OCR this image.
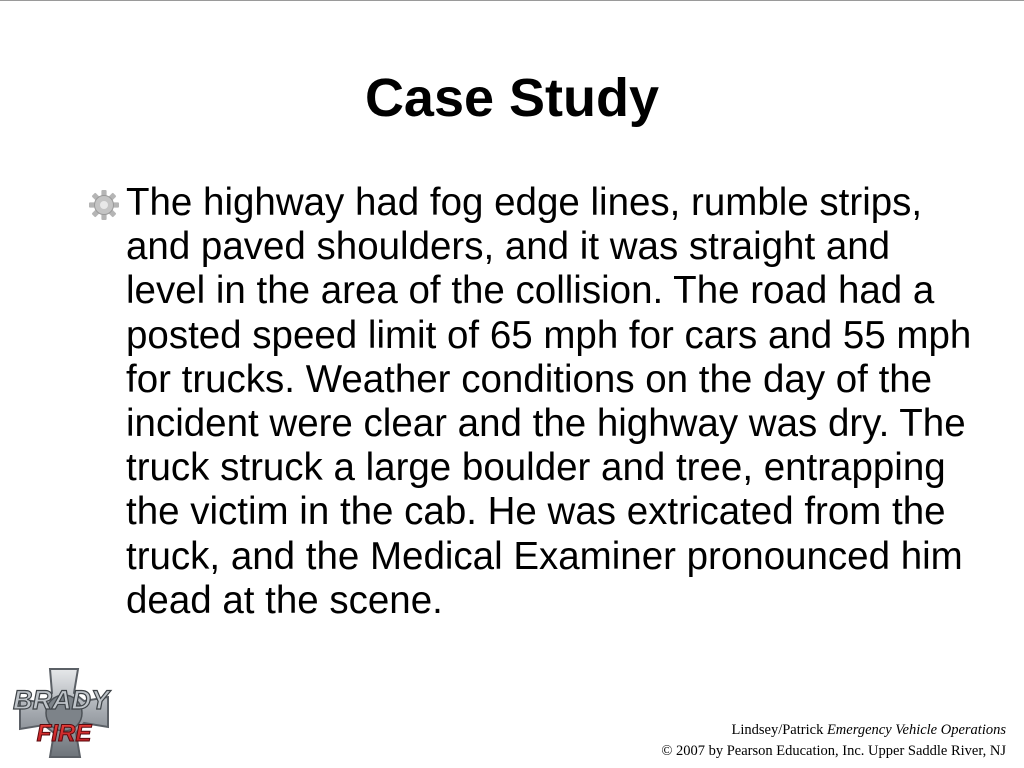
Case Study

The highway had fog edge lines, rumble strips, and paved shoulders, and it was straight and level in the area of the collision. The road had a posted speed limit of 65 mph for cars and 55 mph for trucks. Weather conditions on the day of the incident were clear and the highway was dry. The truck struck a large boulder and tree, entrapping the victim in the cab. He was extricated from the truck, and the Medical Examiner pronounced him dead at the scene.

BRADY
FIRE	Lindsey/Patrick Emergency Vehicle Operations
© 2007 by Pearson Education, Inc. Upper Saddle River, NJ
